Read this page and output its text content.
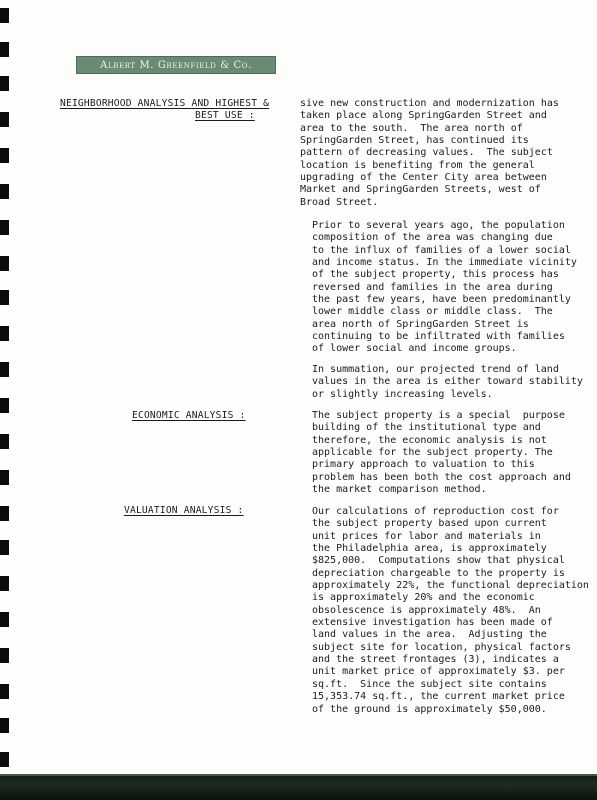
Albert M. Greenfield & Co.
NEIGHBORHOOD ANALYSIS AND HIGHEST &
BEST USE :
ECONOMIC ANALYSIS :
VALUATION ANALYSIS :
sive new construction and modernization has
taken place along SpringGarden Street and
area to the south.  The area north of
SpringGarden Street, has continued its
pattern of decreasing values.  The subject
location is benefiting from the general
upgrading of the Center City area between
Market and SpringGarden Streets, west of
Broad Street.
Prior to several years ago, the population
composition of the area was changing due
to the influx of families of a lower social
and income status. In the immediate vicinity
of the subject property, this process has
reversed and families in the area during
the past few years, have been predominantly
lower middle class or middle class.  The
area north of SpringGarden Street is
continuing to be infiltrated with families
of lower social and income groups.
In summation, our projected trend of land
values in the area is either toward stability
or slightly increasing levels.
The subject property is a special  purpose
building of the institutional type and
therefore, the economic analysis is not
applicable for the subject property. The
primary approach to valuation to this
problem has been both the cost approach and
the market comparison method.
Our calculations of reproduction cost for
the subject property based upon current
unit prices for labor and materials in
the Philadelphia area, is approximately
$825,000.  Computations show that physical
depreciation chargeable to the property is
approximately 22%, the functional depreciation
is approximately 20% and the economic
obsolescence is approximately 48%.  An
extensive investigation has been made of
land values in the area.  Adjusting the
subject site for location, physical factors
and the street frontages (3), indicates a
unit market price of approximately $3. per
sq.ft.  Since the subject site contains
15,353.74 sq.ft., the current market price
of the ground is approximately $50,000.
